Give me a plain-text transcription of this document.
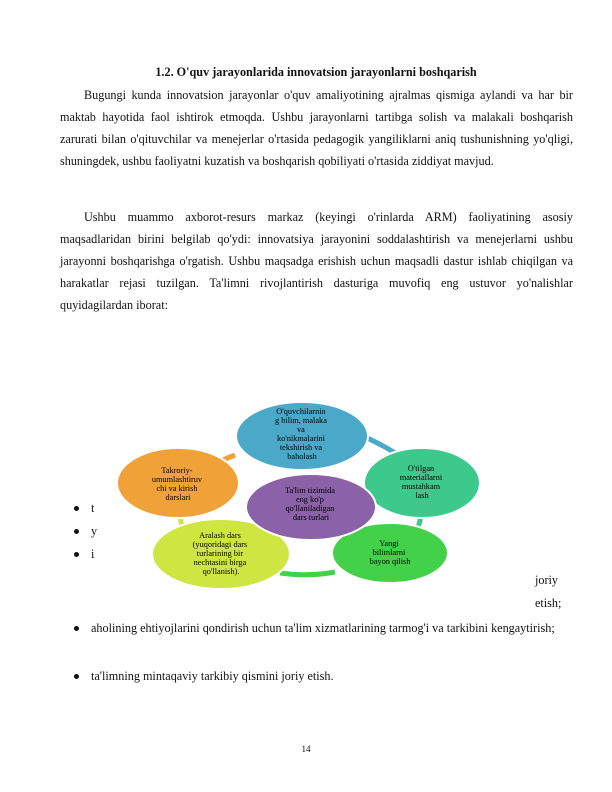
1.2. O'quv jarayonlarida innovatsion jarayonlarni boshqarish

Bugungi kunda innovatsion jarayonlar o'quv amaliyotining ajralmas qismiga aylandi va har bir maktab hayotida faol ishtirok etmoqda. Ushbu jarayonlarni tartibga solish va malakali boshqarish zarurati bilan o'qituvchilar va menejerlar o'rtasida pedagogik yangiliklarni aniq tushunishning yo'qligi, shuningdek, ushbu faoliyatni kuzatish va boshqarish qobiliyati o'rtasida ziddiyat mavjud.

Ushbu muammo axborot-resurs markaz (keyingi o'rinlarda ARM) faoliyatining asosiy maqsadlaridan birini belgilab qo'ydi: innovatsiya jarayonini soddalashtirish va menejerlarni ushbu jarayonni boshqarishga o'rgatish. Ushbu maqsadga erishish uchun maqsadli dastur ishlab chiqilgan va harakatlar rejasi tuzilgan. Ta'limni rivojlantirish dasturiga muvofiq eng ustuvor yo'nalishlar quyidagilardan iborat:

O'quvchilarnin g bilim, malaka va ko'nikmalarini tekshirish va baholash
O'tilgan materiallarni mustahkam lash
Yangi bilimlarni bayon qilish
Aralash dars (yuqoridagi dars turlarining bir nechtasini birga qo'llanish).
Takroriy- umumlashtiruv chi va kirish darslari
Ta'lim tizimida eng ko'p qo'llaniladigan dars turlari
t
y
i
joriy
etish;

aholining ehtiyojlarini qondirish uchun ta'lim xizmatlarining tarmog'i va tarkibini kengaytirish;

ta'limning mintaqaviy tarkibiy qismini joriy etish.

14
